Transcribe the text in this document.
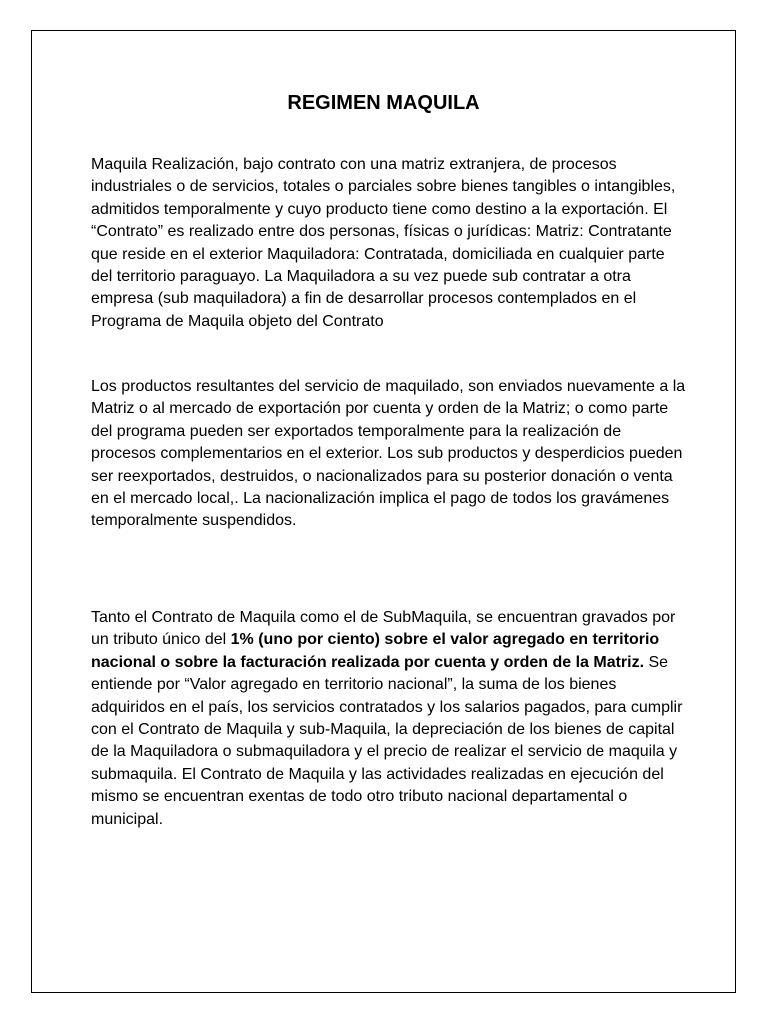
REGIMEN MAQUILA

Maquila Realización, bajo contrato con una matriz extranjera, de procesos
industriales o de servicios, totales o parciales sobre bienes tangibles o intangibles,
admitidos temporalmente y cuyo producto tiene como destino a la exportación. El
“Contrato” es realizado entre dos personas, físicas o jurídicas: Matriz: Contratante
que reside en el exterior Maquiladora: Contratada, domiciliada en cualquier parte
del territorio paraguayo. La Maquiladora a su vez puede sub contratar a otra
empresa (sub maquiladora) a fin de desarrollar procesos contemplados en el
Programa de Maquila objeto del Contrato

Los productos resultantes del servicio de maquilado, son enviados nuevamente a la
Matriz o al mercado de exportación por cuenta y orden de la Matriz; o como parte
del programa pueden ser exportados temporalmente para la realización de
procesos complementarios en el exterior. Los sub productos y desperdicios pueden
ser reexportados, destruidos, o nacionalizados para su posterior donación o venta
en el mercado local,. La nacionalización implica el pago de todos los gravámenes
temporalmente suspendidos.

Tanto el Contrato de Maquila como el de SubMaquila, se encuentran gravados por
un tributo único del 1% (uno por ciento) sobre el valor agregado en territorio
nacional o sobre la facturación realizada por cuenta y orden de la Matriz. Se
entiende por “Valor agregado en territorio nacional”, la suma de los bienes
adquiridos en el país, los servicios contratados y los salarios pagados, para cumplir
con el Contrato de Maquila y sub-Maquila, la depreciación de los bienes de capital
de la Maquiladora o submaquiladora y el precio de realizar el servicio de maquila y
submaquila. El Contrato de Maquila y las actividades realizadas en ejecución del
mismo se encuentran exentas de todo otro tributo nacional departamental o
municipal.
